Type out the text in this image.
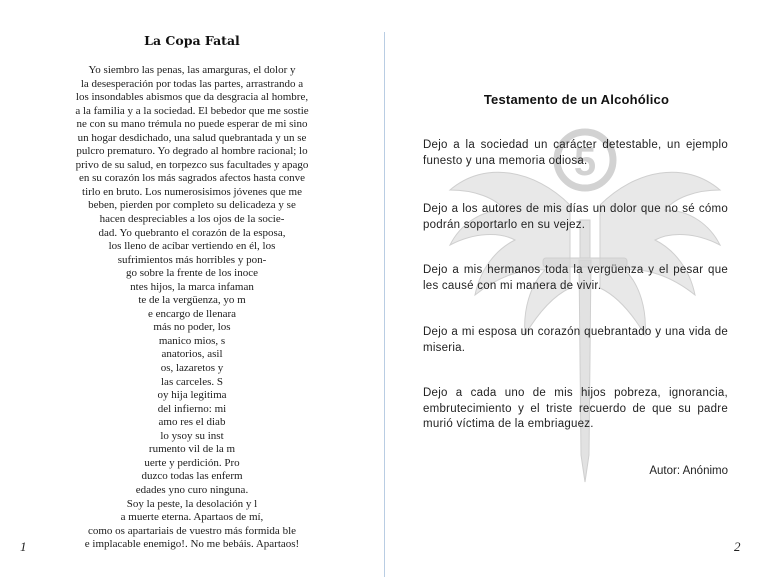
La Copa Fatal
Yo siembro las penas, las amarguras, el dolor y
la desesperación por todas las partes, arrastrando a
los insondables abismos que da desgracia al hombre,
a la familia y a la sociedad. El bebedor que me sostie
ne con su mano trémula no puede esperar de mi sino
un hogar desdichado, una salud quebrantada y un se
pulcro prematuro. Yo degrado al hombre racional; lo
privo de su salud, en torpezco sus facultades y apago
en su corazón los más sagrados afectos hasta conve
tirlo en bruto. Los numerosisimos jóvenes que me
beben, pierden por completo su delicadeza y se
hacen despreciables a los ojos de la socie-
dad. Yo quebranto el corazón de la esposa,
los lleno de acíbar vertiendo en él, los
sufrimientos más horribles y pon-
go sobre la frente de los inoce
ntes hijos, la marca infaman
te de la vergüenza, yo m
e encargo de llenara
más no poder, los
manico mios, s
anatorios, asil
os, lazaretos y
las carceles. S
oy hija legitima
del infierno: mi
amo res el diab
lo ysoy su inst
rumento vil de la m
uerte y perdición. Pro
duzco todas las enferm
edades yno curo ninguna.
Soy la peste, la desolación y l
a muerte eterna. Apartaos de mí,
como os apartariais de vuestro más formida ble
e implacable enemigo!. No me bebáis. Apartaos!
1
5
Testamento de un Alcohólico

Dejo a la sociedad un carácter detestable, un ejemplo funesto y una memoria odiosa.

Dejo a los autores de mis días un dolor que no sé cómo podrán soportarlo en su vejez.

Dejo a mis hermanos toda la vergüenza y el pesar que les causé con mi manera de vivir.

Dejo a mi esposa un corazón quebrantado y una vida de miseria.

Dejo a cada uno de mis hijos pobreza, ignorancia, embrutecimiento y el triste recuerdo de que su padre murió víctima de la embriaguez.

Autor: Anónimo
2
